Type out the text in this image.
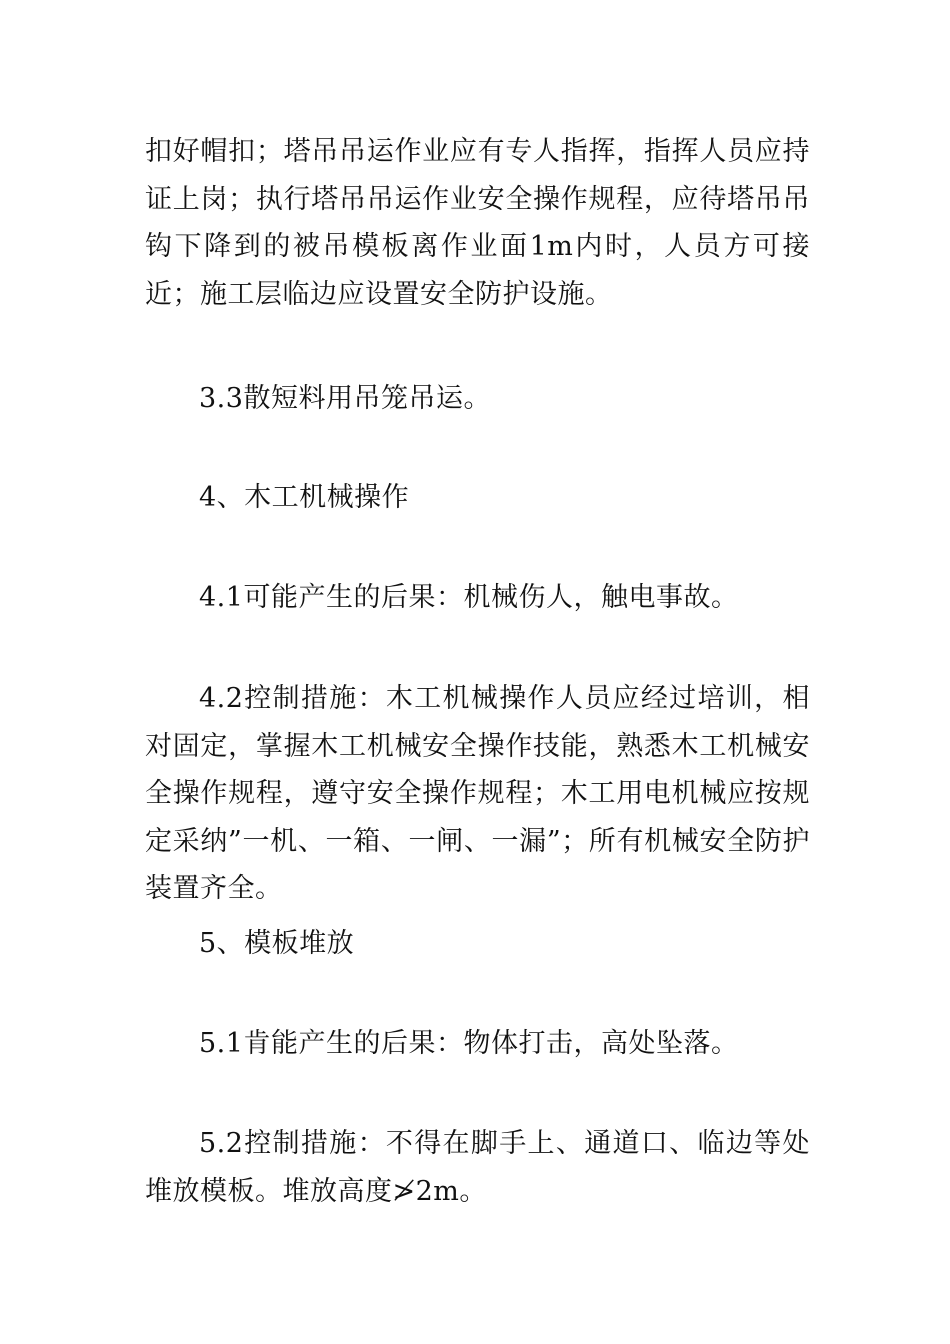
扣好帽扣；塔吊吊运作业应有专人指挥，指挥人员应持证上岗；执行塔吊吊运作业安全操作规程，应待塔吊吊钩下降到的被吊模板离作业面1m内时，人员方可接近；施工层临边应设置安全防护设施。

3.3散短料用吊笼吊运。

4、木工机械操作

4.1可能产生的后果：机械伤人，触电事故。

4.2控制措施：木工机械操作人员应经过培训，相对固定，掌握木工机械安全操作技能，熟悉木工机械安全操作规程，遵守安全操作规程；木工用电机械应按规定采纳”一机、一箱、一闸、一漏”；所有机械安全防护装置齐全。

5、模板堆放

5.1肯能产生的后果：物体打击，高处坠落。

5.2控制措施：不得在脚手上、通道口、临边等处堆放模板。堆放高度≯2m。
